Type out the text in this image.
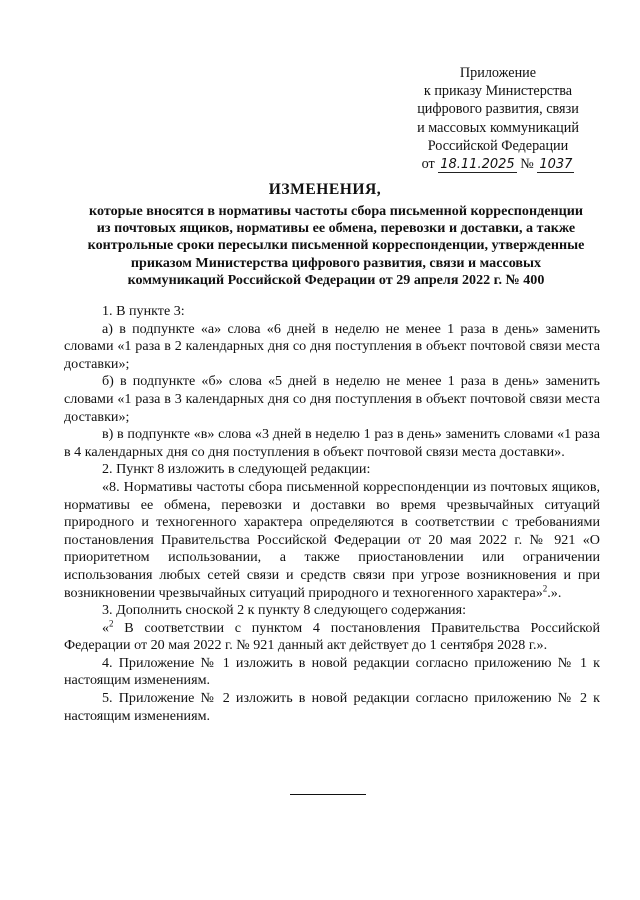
Приложение
к приказу Министерства
цифрового развития, связи
и массовых коммуникаций
Российской Федерации
от 18.11.2025 № 1037
ИЗМЕНЕНИЯ,
которые вносятся в нормативы частоты сбора письменной корреспонденции
из почтовых ящиков, нормативы ее обмена, перевозки и доставки, а также
контрольные сроки пересылки письменной корреспонденции, утвержденные
приказом Министерства цифрового развития, связи и массовых
коммуникаций Российской Федерации от 29 апреля 2022 г. № 400

1. В пункте 3:

а) в подпункте «а» слова «6 дней в неделю не менее 1 раза в день» заменить словами «1 раза в 2 календарных дня со дня поступления в объект почтовой связи места доставки»;

б) в подпункте «б» слова «5 дней в неделю не менее 1 раза в день» заменить словами «1 раза в 3 календарных дня со дня поступления в объект почтовой связи места доставки»;

в) в подпункте «в» слова «3 дней в неделю 1 раз в день» заменить словами «1 раза в 4 календарных дня со дня поступления в объект почтовой связи места доставки».

2. Пункт 8 изложить в следующей редакции:

«8. Нормативы частоты сбора письменной корреспонденции из почтовых ящиков, нормативы ее обмена, перевозки и доставки во время чрезвычайных ситуаций природного и техногенного характера определяются в соответствии с требованиями постановления Правительства Российской Федерации от 20 мая 2022 г. № 921 «О приоритетном использовании, а также приостановлении или ограничении использования любых сетей связи и средств связи при угрозе возникновения и при возникновении чрезвычайных ситуаций природного и техногенного характера»$^2$.».

3. Дополнить сноской 2 к пункту 8 следующего содержания:

«$^2$ В соответствии с пунктом 4 постановления Правительства Российской Федерации от 20 мая 2022 г. № 921 данный акт действует до 1 сентября 2028 г.».

4. Приложение № 1 изложить в новой редакции согласно приложению № 1 к настоящим изменениям.

5. Приложение № 2 изложить в новой редакции согласно приложению № 2 к настоящим изменениям.
